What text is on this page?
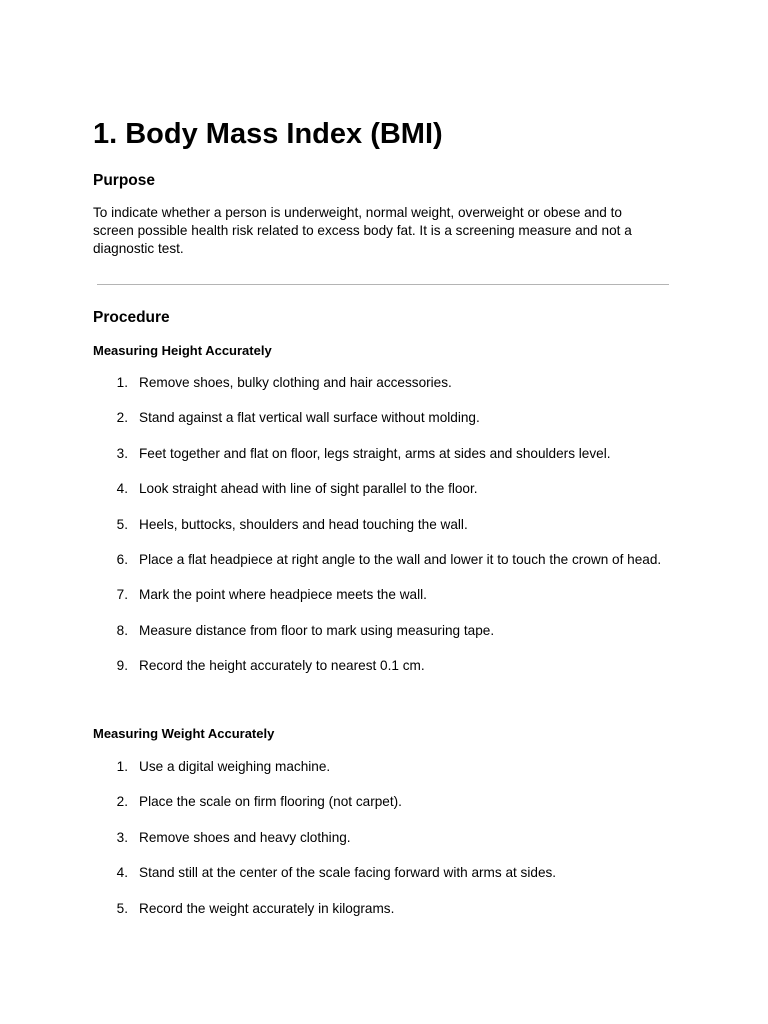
1. Body Mass Index (BMI)
Purpose

To indicate whether a person is underweight, normal weight, overweight or obese and to screen possible health risk related to excess body fat. It is a screening measure and not a diagnostic test.

Procedure
Measuring Height Accurately
1. Remove shoes, bulky clothing and hair accessories.
2. Stand against a flat vertical wall surface without molding.
3. Feet together and flat on floor, legs straight, arms at sides and shoulders level.
4. Look straight ahead with line of sight parallel to the floor.
5. Heels, buttocks, shoulders and head touching the wall.
6. Place a flat headpiece at right angle to the wall and lower it to touch the crown of head.
7. Mark the point where headpiece meets the wall.
8. Measure distance from floor to mark using measuring tape.
9. Record the height accurately to nearest 0.1 cm.
Measuring Weight Accurately
1. Use a digital weighing machine.
2. Place the scale on firm flooring (not carpet).
3. Remove shoes and heavy clothing.
4. Stand still at the center of the scale facing forward with arms at sides.
5. Record the weight accurately in kilograms.
